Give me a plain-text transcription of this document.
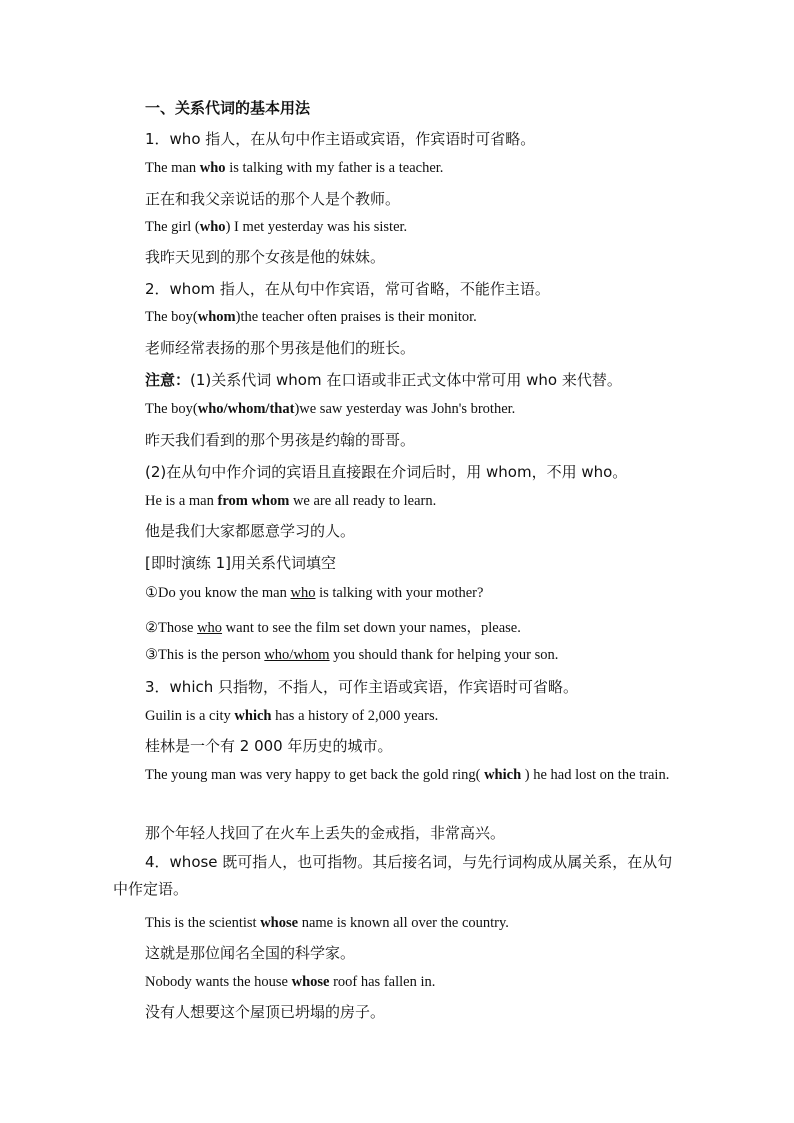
一、关系代词的基本用法
1．who 指人，在从句中作主语或宾语，作宾语时可省略。
The man who is talking with my father is a teacher.
正在和我父亲说话的那个人是个教师。
The girl (who) I met yesterday was his sister.
我昨天见到的那个女孩是他的妹妹。
2．whom 指人，在从句中作宾语，常可省略，不能作主语。
The boy(whom)the teacher often praises is their monitor.
老师经常表扬的那个男孩是他们的班长。
注意：(1)关系代词 whom 在口语或非正式文体中常可用 who 来代替。
The boy(who/whom/that)we saw yesterday was John's brother.
昨天我们看到的那个男孩是约翰的哥哥。
(2)在从句中作介词的宾语且直接跟在介词后时，用 whom，不用 who。
He is a man from whom we are all ready to learn.
他是我们大家都愿意学习的人。
[即时演练 1]用关系代词填空
①Do you know the man who is talking with your mother?
②Those who want to see the film set down your names，please.
③This is the person who/whom you should thank for helping your son.
3．which 只指物，不指人，可作主语或宾语，作宾语时可省略。
Guilin is a city which has a history of 2,000 years.
桂林是一个有 2 000 年历史的城市。
The young man was very happy to get back the gold ring( which ) he had lost on the train.
那个年轻人找回了在火车上丢失的金戒指，非常高兴。
4．whose 既可指人，也可指物。其后接名词，与先行词构成从属关系，在从句中作定语。
This is the scientist whose name is known all over the country.
这就是那位闻名全国的科学家。
Nobody wants the house whose roof has fallen in.
没有人想要这个屋顶已坍塌的房子。
